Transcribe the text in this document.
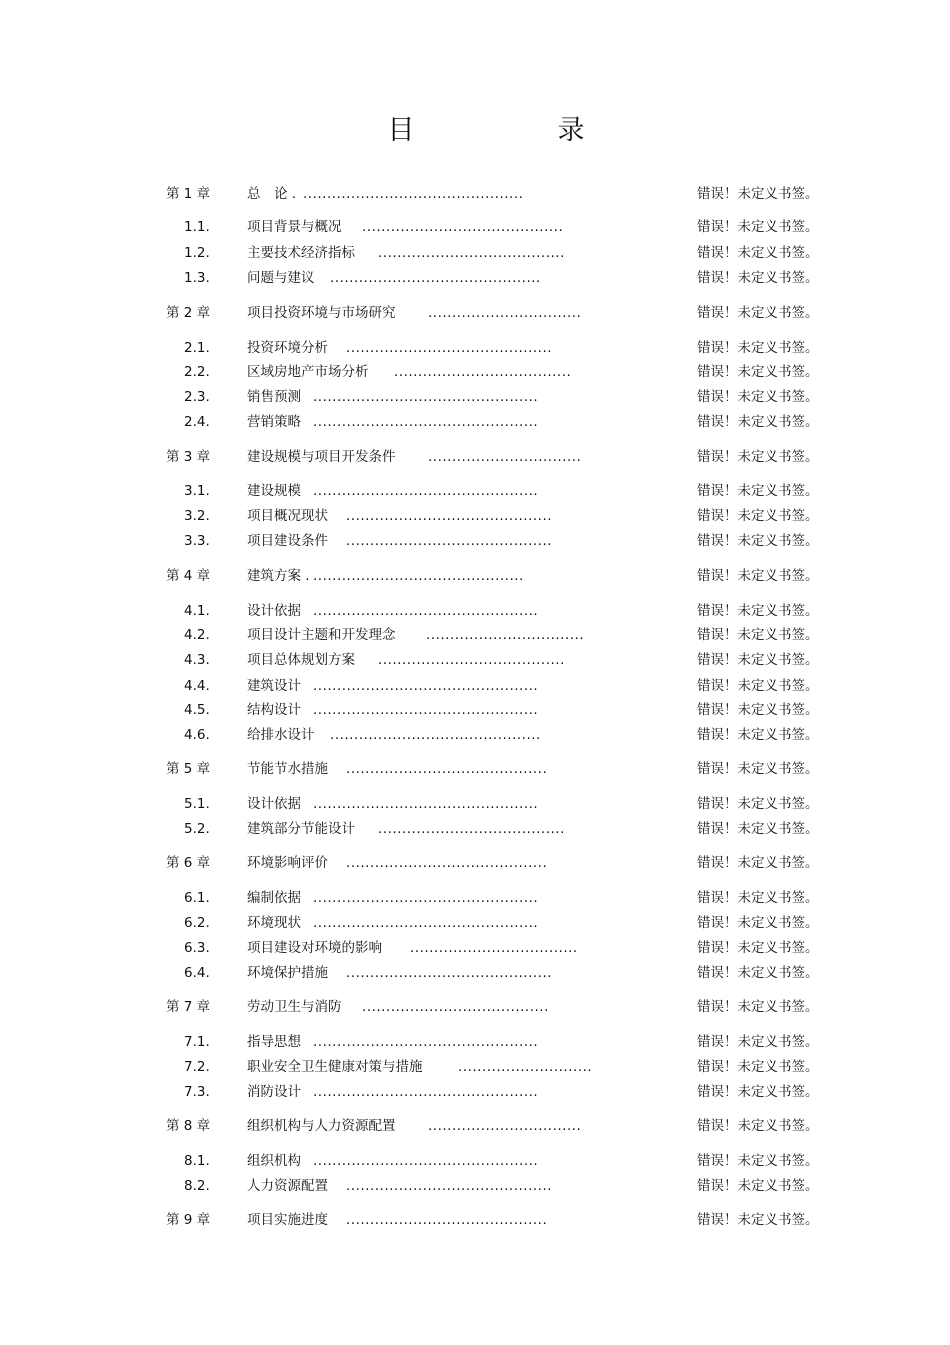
目　录
第 1 章	总　论 . ..............................................	错误！未定义书签。
1.1.	项目背景与概况 ..........................................	错误！未定义书签。
1.2.	主要技术经济指标 .......................................	错误！未定义书签。
1.3.	问题与建议 ............................................	错误！未定义书签。
第 2 章	项目投资环境与市场研究 ................................	错误！未定义书签。
2.1.	投资环境分析 ...........................................	错误！未定义书签。
2.2.	区域房地产市场分析 .....................................	错误！未定义书签。
2.3.	销售预测 ...............................................	错误！未定义书签。
2.4.	营销策略 ...............................................	错误！未定义书签。
第 3 章	建设规模与项目开发条件 ................................	错误！未定义书签。
3.1.	建设规模 ...............................................	错误！未定义书签。
3.2.	项目概况现状 ...........................................	错误！未定义书签。
3.3.	项目建设条件 ...........................................	错误！未定义书签。
第 4 章	建筑方案 . ............................................	错误！未定义书签。
4.1.	设计依据 ...............................................	错误！未定义书签。
4.2.	项目设计主题和开发理念 .................................	错误！未定义书签。
4.3.	项目总体规划方案 .......................................	错误！未定义书签。
4.4.	建筑设计 ...............................................	错误！未定义书签。
4.5.	结构设计 ...............................................	错误！未定义书签。
4.6.	给排水设计 ............................................	错误！未定义书签。
第 5 章	节能节水措施 ..........................................	错误！未定义书签。
5.1.	设计依据 ...............................................	错误！未定义书签。
5.2.	建筑部分节能设计 .......................................	错误！未定义书签。
第 6 章	环境影响评价 ..........................................	错误！未定义书签。
6.1.	编制依据 ...............................................	错误！未定义书签。
6.2.	环境现状 ...............................................	错误！未定义书签。
6.3.	项目建设对环境的影响 ...................................	错误！未定义书签。
6.4.	环境保护措施 ...........................................	错误！未定义书签。
第 7 章	劳动卫生与消防 .......................................	错误！未定义书签。
7.1.	指导思想 ...............................................	错误！未定义书签。
7.2.	职业安全卫生健康对策与措施	............................	错误！未定义书签。
7.3.	消防设计 ...............................................	错误！未定义书签。
第 8 章	组织机构与人力资源配置 ................................	错误！未定义书签。
8.1.	组织机构 ...............................................	错误！未定义书签。
8.2.	人力资源配置 ...........................................	错误！未定义书签。
第 9 章	项目实施进度 ..........................................	错误！未定义书签。
